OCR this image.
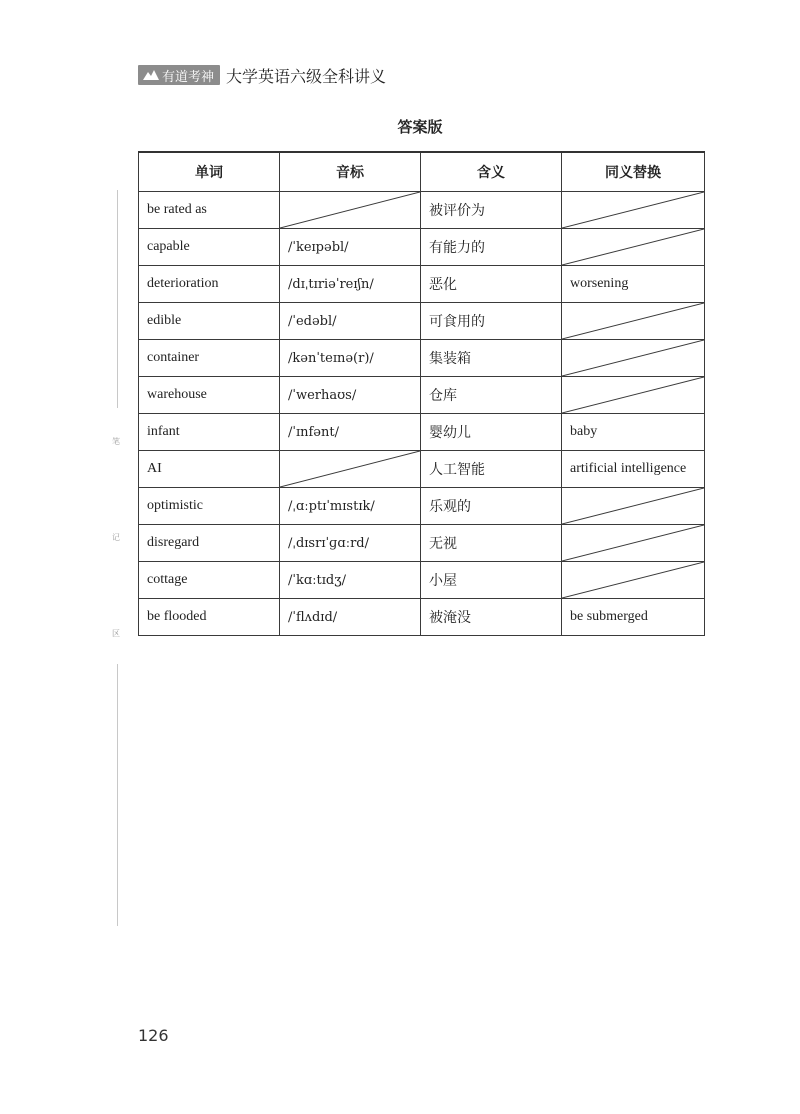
有道考神 大学英语六级全科讲义
答案版
笔
记
区
单词	音标	含义	同义替换
be rated as		被评价为	

capable	/ˈkeɪpəbl/	有能力的	

deterioration	/dɪˌtɪriəˈreɪʃn/	恶化	worsening
edible	/ˈedəbl/	可食用的	

container	/kənˈteɪnə(r)/	集装箱	

warehouse	/ˈwerhaʊs/	仓库	

infant	/ˈɪnfənt/	婴幼儿	baby
AI		人工智能	artificial intelligence
optimistic	/ˌɑːptɪˈmɪstɪk/	乐观的	

disregard	/ˌdɪsrɪˈɡɑːrd/	无视	

cottage	/ˈkɑːtɪdʒ/	小屋	

be flooded	/ˈflʌdɪd/	被淹没	be submerged
126
